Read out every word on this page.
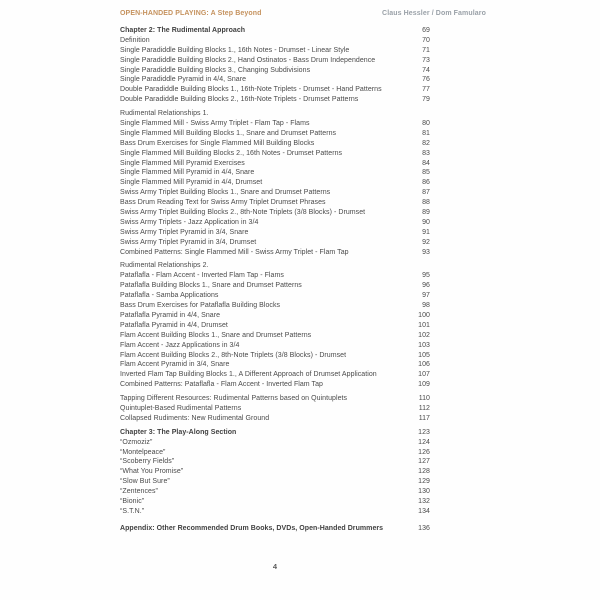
OPEN-HANDED PLAYING: A Step Beyond	Claus Hessler / Dom Famularo
Chapter 2: The Rudimental Approach	69
Definition	70
Single Paradiddle Building Blocks 1., 16th Notes - Drumset - Linear Style	71
Single Paradiddle Building Blocks 2., Hand Ostinatos - Bass Drum Independence	73
Single Paradiddle Building Blocks 3., Changing Subdivisions	74
Single Paradiddle Pyramid in 4/4, Snare	76
Double Paradiddle Building Blocks 1., 16th-Note Triplets - Drumset - Hand Patterns	77
Double Paradiddle Building Blocks 2., 16th-Note Triplets - Drumset Patterns	79
Rudimental Relationships 1.
Single Flammed Mill - Swiss Army Triplet - Flam Tap - Flams	80
Single Flammed Mill Building Blocks 1., Snare and Drumset Patterns	81
Bass Drum Exercises for Single Flammed Mill Building Blocks	82
Single Flammed Mill Building Blocks 2., 16th Notes - Drumset Patterns	83
Single Flammed Mill Pyramid Exercises	84
Single Flammed Mill Pyramid in 4/4, Snare	85
Single Flammed Mill Pyramid in 4/4, Drumset	86
Swiss Army Triplet Building Blocks 1., Snare and Drumset Patterns	87
Bass Drum Reading Text for Swiss Army Triplet Drumset Phrases	88
Swiss Army Triplet Building Blocks 2., 8th-Note Triplets (3/8 Blocks) - Drumset	89
Swiss Army Triplets - Jazz Application in 3/4	90
Swiss Army Triplet Pyramid in 3/4, Snare	91
Swiss Army Triplet Pyramid in 3/4, Drumset	92
Combined Patterns: Single Flammed Mill - Swiss Army Triplet - Flam Tap	93
Rudimental Relationships 2.
Pataflafla - Flam Accent - Inverted Flam Tap - Flams	95
Pataflafla Building Blocks 1., Snare and Drumset Patterns	96
Pataflafla - Samba Applications	97
Bass Drum Exercises for Pataflafla Building Blocks	98
Pataflafla Pyramid in 4/4, Snare	100
Pataflafla Pyramid in 4/4, Drumset	101
Flam Accent Building Blocks 1., Snare and Drumset Patterns	102
Flam Accent - Jazz Applications in 3/4	103
Flam Accent Building Blocks 2., 8th-Note Triplets (3/8 Blocks) - Drumset	105
Flam Accent Pyramid in 3/4, Snare	106
Inverted Flam Tap Building Blocks 1., A Different Approach of Drumset Application	107
Combined Patterns: Pataflafla - Flam Accent - Inverted Flam Tap	109
Tapping Different Resources: Rudimental Patterns based on Quintuplets	110
Quintuplet-Based Rudimental Patterns	112
Collapsed Rudiments: New Rudimental Ground	117
Chapter 3: The Play-Along Section	123
“Ozmoziz”	124
“Montelpeace”	126
“Scoberry Fields”	127
“What You Promise”	128
“Slow But Sure”	129
“Zentences”	130
“Bionic”	132
“S.T.N.”	134
Appendix: Other Recommended Drum Books, DVDs, Open-Handed Drummers	136
4
